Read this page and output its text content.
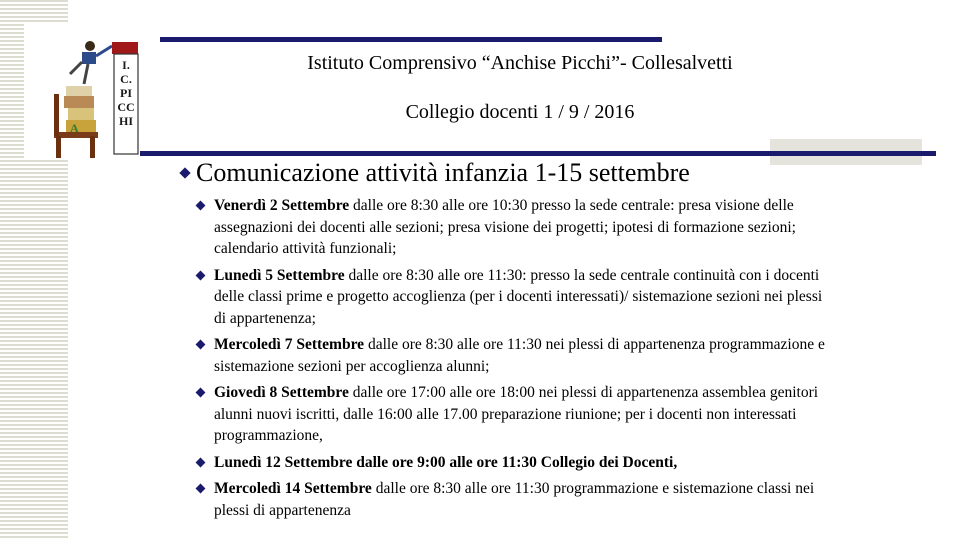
A
I.C. PICCHI
Istituto Comprensivo “Anchise Picchi”- Collesalvetti
Collegio docenti 1 / 9 / 2016
Comunicazione attività infanzia 1-15 settembre
Venerdì 2 Settembre dalle ore 8:30 alle ore 10:30 presso la sede centrale: presa visione delle assegnazioni dei docenti alle sezioni; presa visione dei progetti; ipotesi di formazione sezioni; calendario attività funzionali;
Lunedì 5 Settembre dalle ore 8:30 alle ore 11:30: presso la sede centrale continuità con i docenti delle classi prime e progetto accoglienza (per i docenti interessati)/ sistemazione sezioni nei plessi di appartenenza;
Mercoledì 7 Settembre dalle ore 8:30 alle ore 11:30 nei plessi di appartenenza programmazione e sistemazione sezioni per accoglienza alunni;
Giovedì 8 Settembre dalle ore 17:00 alle ore 18:00 nei plessi di appartenenza assemblea genitori alunni nuovi iscritti, dalle 16:00 alle 17.00 preparazione riunione; per i docenti non interessati programmazione,
Lunedì 12 Settembre dalle ore 9:00 alle ore 11:30 Collegio dei Docenti,
Mercoledì 14 Settembre dalle ore 8:30 alle ore 11:30 programmazione e sistemazione classi nei plessi di appartenenza
